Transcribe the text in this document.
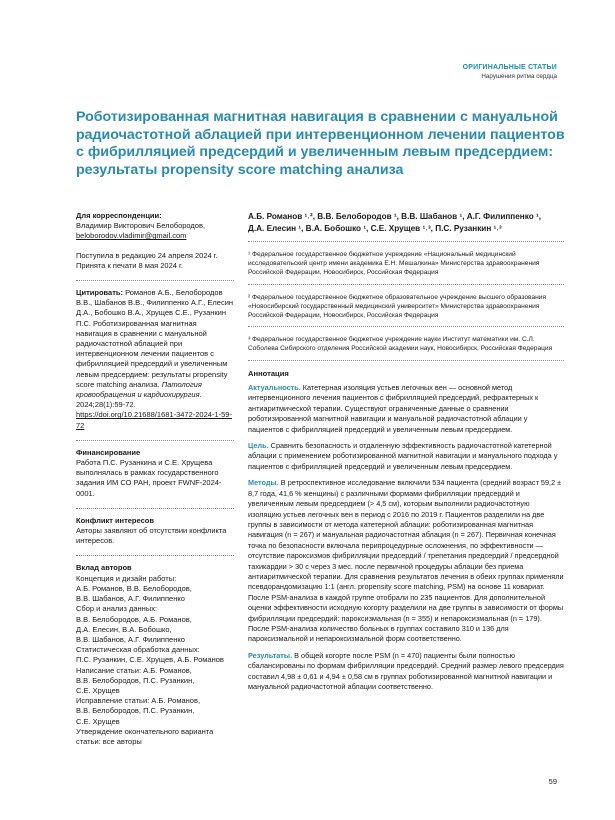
ОРИГИНАЛЬНЫЕ СТАТЬИ
Нарушения ритма сердца
Роботизированная магнитная навигация в сравнении с мануальной радиочастотной аблацией при интервенционном лечении пациентов с фибрилляцией предсердий и увеличенным левым предсердием: результаты propensity score matching анализа
Для корреспонденции:
Владимир Викторович Белобородов,
beloborodov.vladimir@gmail.com
Поступила в редакцию 24 апреля 2024 г.
Принята к печати 8 мая 2024 г.
Цитировать: Романов А.Б., Белобородов В.В., Шабанов В.В., Филиппенко А.Г., Елесин Д.А., Бобошко В.А., Хрущев С.Е., Рузанкин П.С. Роботизированная магнитная навигация в сравнении с мануальной радиочастотной аблацией при интервенционном лечении пациентов с фибрилляцией предсердий и увеличенным левым предсердием: результаты propensity score matching анализа. Патология кровообращения и кардиохирургия. 2024;28(1):59-72. https://doi.org/10.21688/1681-3472-2024-1-59-72
Финансирование
Работа П.С. Рузанкина и С.Е. Хрущева выполнялась в рамках государственного задания ИМ СО РАН, проект FWNF-2024-0001.
Конфликт интересов
Авторы заявляют об отсутствии конфликта интересов.
Вклад авторов
Концепция и дизайн работы:
А.Б. Романов, В.В. Белобородов,
В.В. Шабанов, А.Г. Филиппенко
Сбор и анализ данных:
В.В. Белобородов, А.Б. Романов,
Д.А. Елесин, В.А. Бобошко,
В.В. Шабанов, А.Г. Филиппенко
Статистическая обработка данных:
П.С. Рузанкин, С.Е. Хрущев, А.Б. Романов
Написание статьи: А.Б. Романов,
В.В. Белобородов, П.С. Рузанкин,
С.Е. Хрущев
Исправление статьи: А.Б. Романов,
В.В. Белобородов, П.С. Рузанкин,
С.Е. Хрущев
Утверждение окончательного варианта
статьи: все авторы
А.Б. Романов ¹˒², В.В. Белобородов ¹, В.В. Шабанов ¹, А.Г. Филиппенко ¹,
Д.А. Елесин ¹, В.А. Бобошко ¹, С.Е. Хрущев ¹˒³, П.С. Рузанкин ¹˒³
¹ Федеральное государственное бюджетное учреждение «Национальный медицинский исследовательский центр имени академика Е.Н. Мешалкина» Министерства здравоохранения Российской Федерации, Новосибирск, Российская Федерация
² Федеральное государственное бюджетное образовательное учреждение высшего образования «Новосибирский государственный медицинский университет» Министерства здравоохранения Российской Федерации, Новосибирск, Российская Федерация
³ Федеральное государственное бюджетное учреждение науки Институт математики им. С.Л. Соболева Сибирского отделения Российской академии наук, Новосибирск, Российская Федерация
Аннотация
Актуальность. Катетерная изоляция устьев легочных вен — основной метод интервенционного лечения пациентов с фибрилляцией предсердий, рефрактерных к антиаритмической терапии. Существуют ограниченные данные о сравнении роботизированной магнитной навигации и мануальной радиочастотной аблации у пациентов с фибрилляцией предсердий и увеличенным левым предсердием.
Цель. Сравнить безопасность и отдаленную эффективность радиочастотной катетерной аблации с применением роботизированной магнитной навигации и мануального подхода у пациентов с фибрилляцией предсердий и увеличенным левым предсердием.
Методы. В ретроспективное исследование включили 534 пациента (средний возраст 59,2 ± 8,7 года, 41,6 % женщины) с различными формами фибрилляции предсердий и увеличенным левым предсердием (> 4,5 см), которым выполнили радиочастотную изоляцию устьев легочных вен в период с 2016 по 2019 г. Пациентов разделили на две группы в зависимости от метода катетерной аблации: роботизированная магнитная навигация (n = 267) и мануальная радиочастотная аблация (n = 267). Первичная конечная точка по безопасности включала перипроцедурные осложнения, по эффективности — отсутствие пароксизмов фибрилляции предсердий / трепетания предсердий / предсердной тахикардии > 30 с через 3 мес. после первичной процедуры аблации без приема антиаритмической терапии. Для сравнения результатов лечения в обеих группах применяли псевдорандомизацию 1:1 (англ. propensity score matching, PSM) на основе 11 ковариат. После PSM-анализа в каждой группе отобрали по 235 пациентов. Для дополнительной оценки эффективности исходную когорту разделили на две группы в зависимости от формы фибрилляции предсердий: пароксизмальная (n = 355) и непароксизмальная (n = 179). После PSM-анализа количество больных в группах составило 310 и 136 для пароксизмальной и непароксизмальной форм соответственно.
Результаты. В общей когорте после PSM (n = 470) пациенты были полностью сбалансированы по формам фибрилляции предсердий. Средний размер левого предсердия составил 4,98 ± 0,61 и 4,94 ± 0,58 см в группах роботизированной магнитной навигации и мануальной радиочастотной аблации соответственно.
59
